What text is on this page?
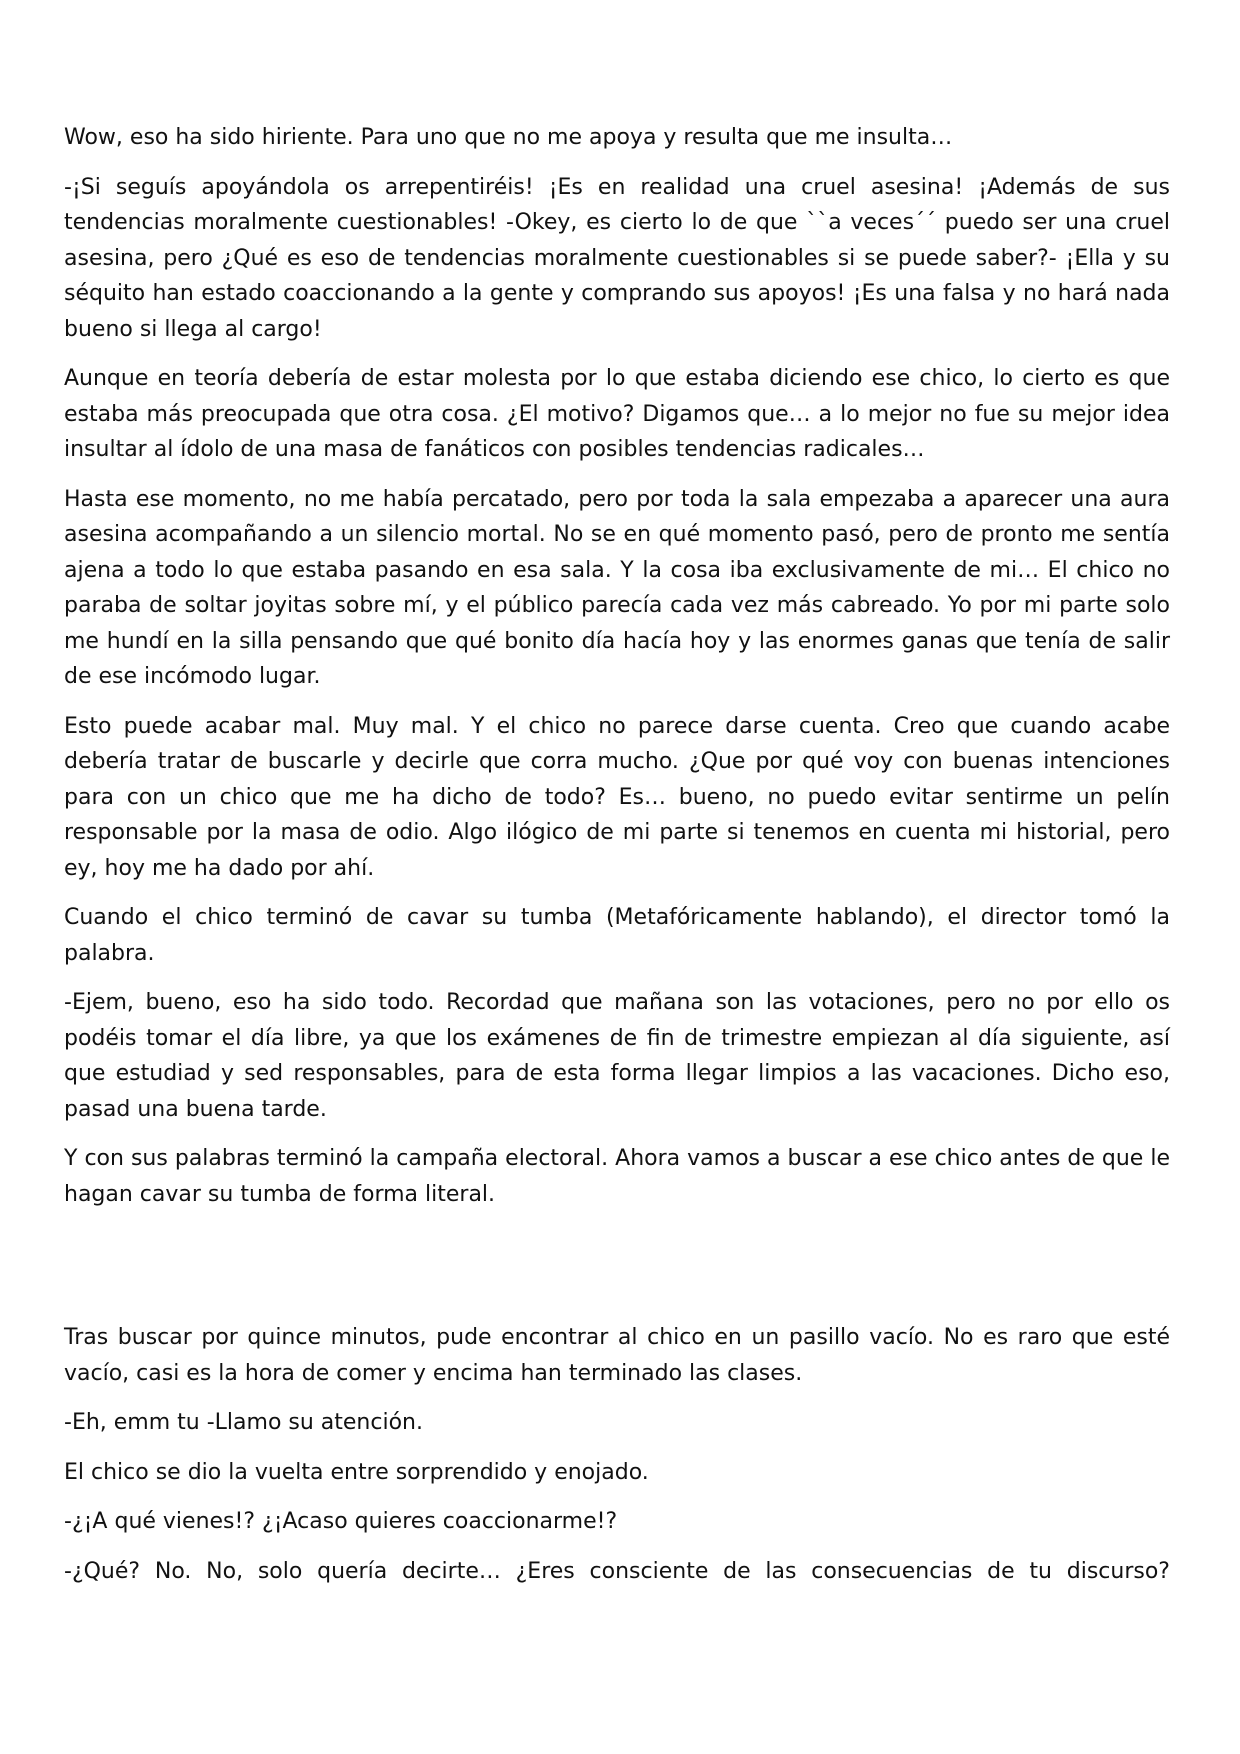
Wow, eso ha sido hiriente. Para uno que no me apoya y resulta que me insulta…

-¡Si seguís apoyándola os arrepentiréis! ¡Es en realidad una cruel asesina! ¡Además de sus tendencias moralmente cuestionables! -Okey, es cierto lo de que ``a veces´´ puedo ser una cruel asesina, pero ¿Qué es eso de tendencias moralmente cuestionables si se puede saber?- ¡Ella y su séquito han estado coaccionando a la gente y comprando sus apoyos! ¡Es una falsa y no hará nada bueno si llega al cargo!

Aunque en teoría debería de estar molesta por lo que estaba diciendo ese chico, lo cierto es que estaba más preocupada que otra cosa. ¿El motivo? Digamos que… a lo mejor no fue su mejor idea insultar al ídolo de una masa de fanáticos con posibles tendencias radicales…

Hasta ese momento, no me había percatado, pero por toda la sala empezaba a aparecer una aura asesina acompañando a un silencio mortal. No se en qué momento pasó, pero de pronto me sentía ajena a todo lo que estaba pasando en esa sala. Y la cosa iba exclusivamente de mi… El chico no paraba de soltar joyitas sobre mí, y el público parecía cada vez más cabreado. Yo por mi parte solo me hundí en la silla pensando que qué bonito día hacía hoy y las enormes ganas que tenía de salir de ese incómodo lugar.

Esto puede acabar mal. Muy mal. Y el chico no parece darse cuenta. Creo que cuando acabe debería tratar de buscarle y decirle que corra mucho. ¿Que por qué voy con buenas intenciones para con un chico que me ha dicho de todo? Es… bueno, no puedo evitar sentirme un pelín responsable por la masa de odio. Algo ilógico de mi parte si tenemos en cuenta mi historial, pero ey, hoy me ha dado por ahí.

Cuando el chico terminó de cavar su tumba (Metafóricamente hablando), el director tomó la palabra.

-Ejem, bueno, eso ha sido todo. Recordad que mañana son las votaciones, pero no por ello os podéis tomar el día libre, ya que los exámenes de fin de trimestre empiezan al día siguiente, así que estudiad y sed responsables, para de esta forma llegar limpios a las vacaciones. Dicho eso, pasad una buena tarde.

Y con sus palabras terminó la campaña electoral. Ahora vamos a buscar a ese chico antes de que le hagan cavar su tumba de forma literal.

Tras buscar por quince minutos, pude encontrar al chico en un pasillo vacío. No es raro que esté vacío, casi es la hora de comer y encima han terminado las clases.

-Eh, emm tu -Llamo su atención.

El chico se dio la vuelta entre sorprendido y enojado.

-¿¡A qué vienes!? ¿¡Acaso quieres coaccionarme!?

-¿Qué? No. No, solo quería decirte… ¿Eres consciente de las consecuencias de tu discurso?
